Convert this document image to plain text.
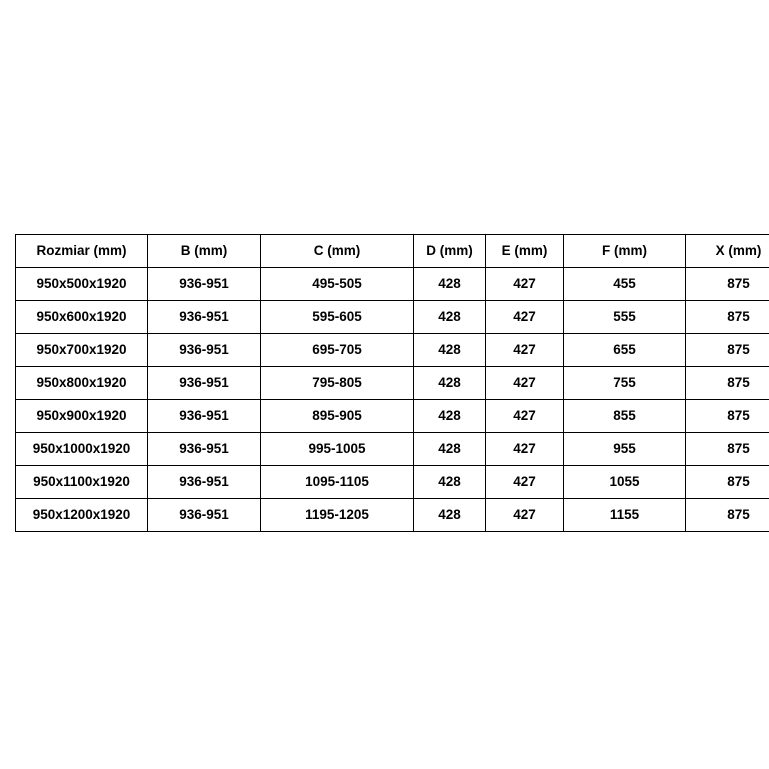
Rozmiar (mm)	B (mm)	C (mm)	D (mm)	E (mm)	F (mm)	X (mm)
950x500x1920	936-951	495-505	428	427	455	875
950x600x1920	936-951	595-605	428	427	555	875
950x700x1920	936-951	695-705	428	427	655	875
950x800x1920	936-951	795-805	428	427	755	875
950x900x1920	936-951	895-905	428	427	855	875
950x1000x1920	936-951	995-1005	428	427	955	875
950x1100x1920	936-951	1095-1105	428	427	1055	875
950x1200x1920	936-951	1195-1205	428	427	1155	875
